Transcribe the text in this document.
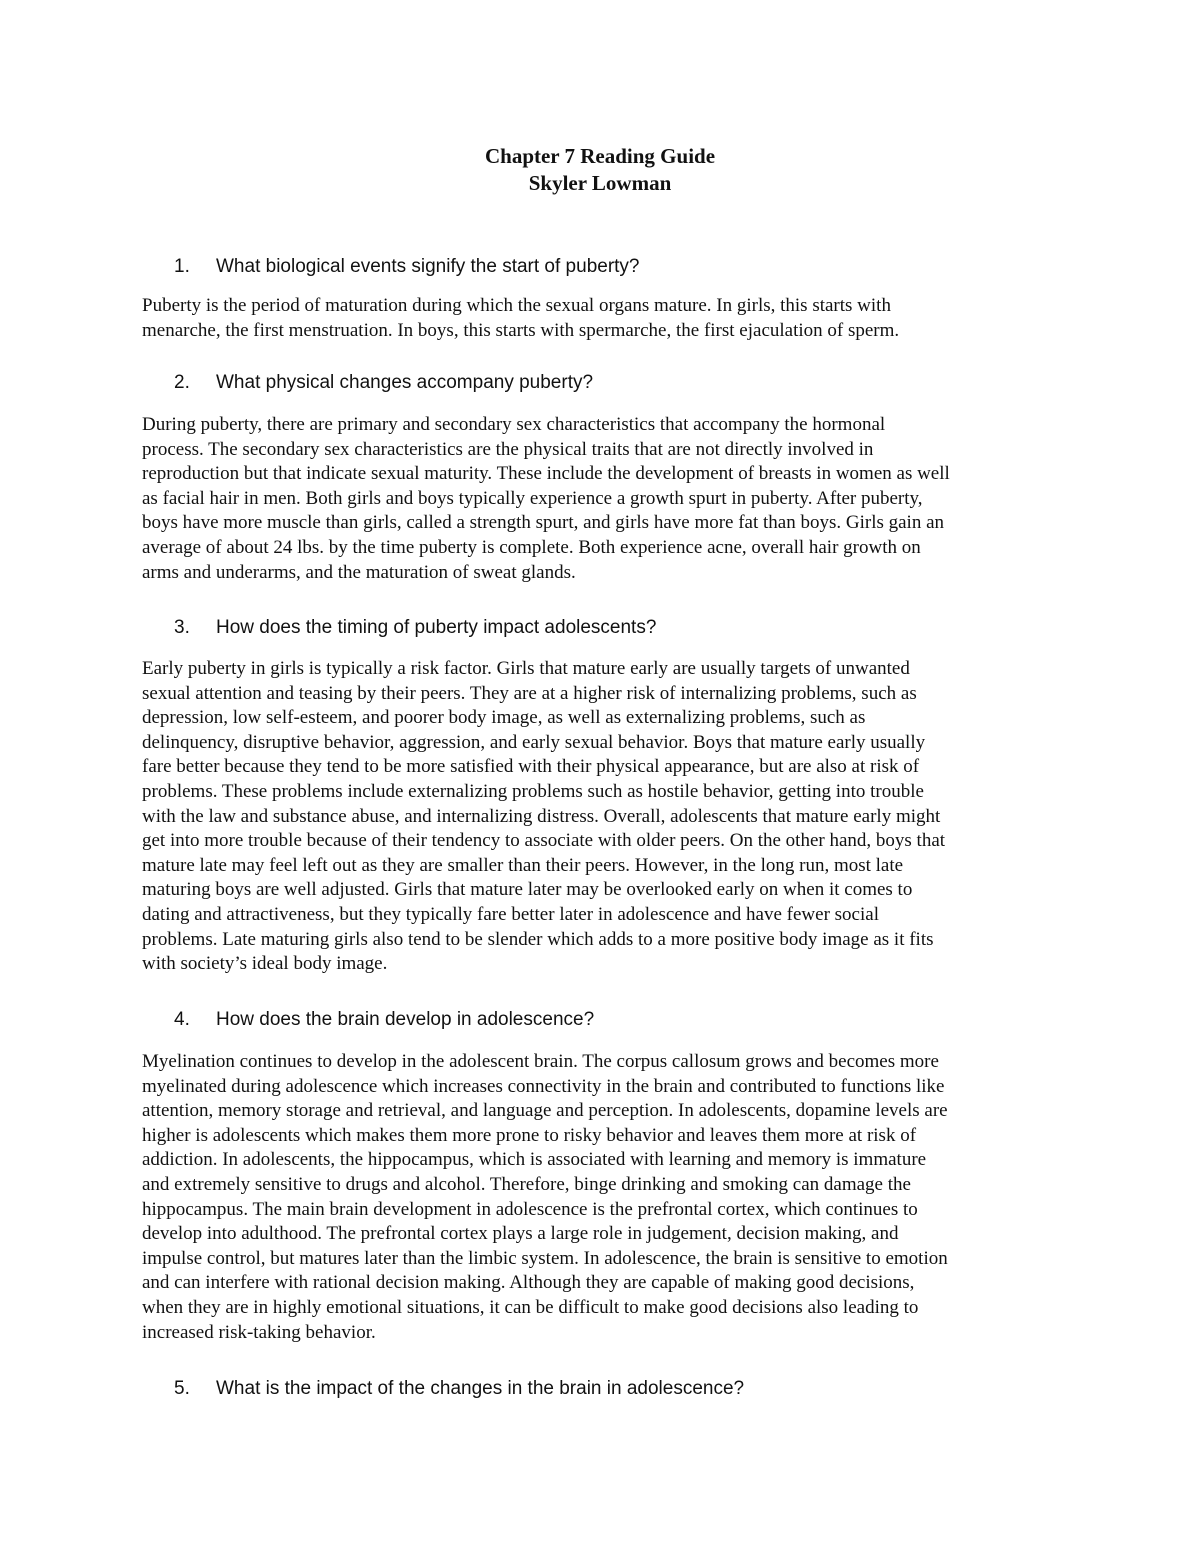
Chapter 7 Reading Guide
Skyler Lowman
1. What biological events signify the start of puberty?
Puberty is the period of maturation during which the sexual organs mature. In girls, this starts with
menarche, the first menstruation. In boys, this starts with spermarche, the first ejaculation of sperm.
2. What physical changes accompany puberty?
During puberty, there are primary and secondary sex characteristics that accompany the hormonal
process. The secondary sex characteristics are the physical traits that are not directly involved in
reproduction but that indicate sexual maturity. These include the development of breasts in women as well
as facial hair in men. Both girls and boys typically experience a growth spurt in puberty. After puberty,
boys have more muscle than girls, called a strength spurt, and girls have more fat than boys. Girls gain an
average of about 24 lbs. by the time puberty is complete. Both experience acne, overall hair growth on
arms and underarms, and the maturation of sweat glands.
3. How does the timing of puberty impact adolescents?
Early puberty in girls is typically a risk factor. Girls that mature early are usually targets of unwanted
sexual attention and teasing by their peers. They are at a higher risk of internalizing problems, such as
depression, low self-esteem, and poorer body image, as well as externalizing problems, such as
delinquency, disruptive behavior, aggression, and early sexual behavior. Boys that mature early usually
fare better because they tend to be more satisfied with their physical appearance, but are also at risk of
problems. These problems include externalizing problems such as hostile behavior, getting into trouble
with the law and substance abuse, and internalizing distress. Overall, adolescents that mature early might
get into more trouble because of their tendency to associate with older peers. On the other hand, boys that
mature late may feel left out as they are smaller than their peers. However, in the long run, most late
maturing boys are well adjusted. Girls that mature later may be overlooked early on when it comes to
dating and attractiveness, but they typically fare better later in adolescence and have fewer social
problems. Late maturing girls also tend to be slender which adds to a more positive body image as it fits
with society’s ideal body image.
4. How does the brain develop in adolescence?
Myelination continues to develop in the adolescent brain. The corpus callosum grows and becomes more
myelinated during adolescence which increases connectivity in the brain and contributed to functions like
attention, memory storage and retrieval, and language and perception. In adolescents, dopamine levels are
higher is adolescents which makes them more prone to risky behavior and leaves them more at risk of
addiction. In adolescents, the hippocampus, which is associated with learning and memory is immature
and extremely sensitive to drugs and alcohol. Therefore, binge drinking and smoking can damage the
hippocampus. The main brain development in adolescence is the prefrontal cortex, which continues to
develop into adulthood. The prefrontal cortex plays a large role in judgement, decision making, and
impulse control, but matures later than the limbic system. In adolescence, the brain is sensitive to emotion
and can interfere with rational decision making. Although they are capable of making good decisions,
when they are in highly emotional situations, it can be difficult to make good decisions also leading to
increased risk-taking behavior.
5. What is the impact of the changes in the brain in adolescence?
